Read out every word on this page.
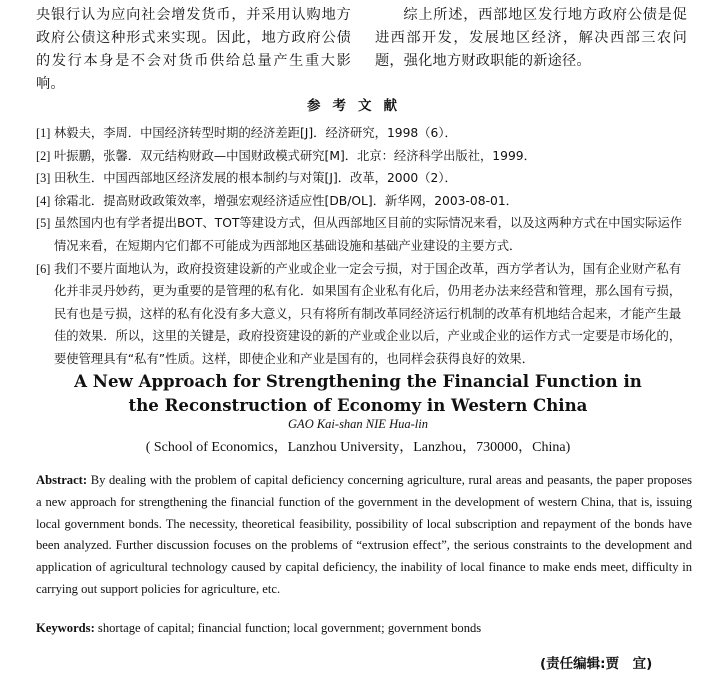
央银行认为应向社会增发货币，并采用认购地方政府公债这种形式来实现。因此，地方政府公债的发行本身是不会对货币供给总量产生重大影响。

综上所述，西部地区发行地方政府公债是促进西部开发，发展地区经济，解决西部三农问题，强化地方财政职能的新途径。

参考文献

[1] 林毅夫，李周．中国经济转型时期的经济差距[J]．经济研究，1998（6）．

[2] 叶振鹏，张馨．双元结构财政—中国财政模式研究[M]．北京：经济科学出版社，1999．

[3] 田秋生．中国西部地区经济发展的根本制约与对策[J]．改革，2000（2）．

[4] 徐霜北．提高财政政策效率，增强宏观经济适应性[DB/OL]．新华网，2003-08-01．

[5] 虽然国内也有学者提出BOT、TOT等建设方式，但从西部地区目前的实际情况来看，以及这两种方式在中国实际运作情况来看，在短期内它们都不可能成为西部地区基础设施和基础产业建设的主要方式．

[6] 我们不要片面地认为，政府投资建设新的产业或企业一定会亏损，对于国企改革，西方学者认为，国有企业财产私有化并非灵丹妙药，更为重要的是管理的私有化．如果国有企业私有化后，仍用老办法来经营和管理，那么国有亏损，民有也是亏损，这样的私有化没有多大意义，只有将所有制改革同经济运行机制的改革有机地结合起来，才能产生最佳的效果．所以，这里的关键是，政府投资建设的新的产业或企业以后，产业或企业的运作方式一定要是市场化的，要使管理具有“私有”性质。这样，即使企业和产业是国有的，也同样会获得良好的效果．

A New Approach for Strengthening the Financial Function in
the Reconstruction of Economy in Western China
GAO Kai-shan NIE Hua-lin
( School of Economics，Lanzhou University，Lanzhou，730000，China)

Abstract: By dealing with the problem of capital deficiency concerning agriculture, rural areas and peasants, the paper proposes a new approach for strengthening the financial function of the government in the development of western China, that is, issuing local government bonds. The necessity, theoretical feasibility, possibility of local subscription and repayment of the bonds have been analyzed. Further discussion focuses on the problems of “extrusion effect”, the serious constraints to the development and application of agricultural technology caused by capital deficiency, the inability of local finance to make ends meet, difficulty in carrying out support policies for agriculture, etc.

Keywords: shortage of capital; financial function; local government; government bonds

(责任编辑:贾　宜)
